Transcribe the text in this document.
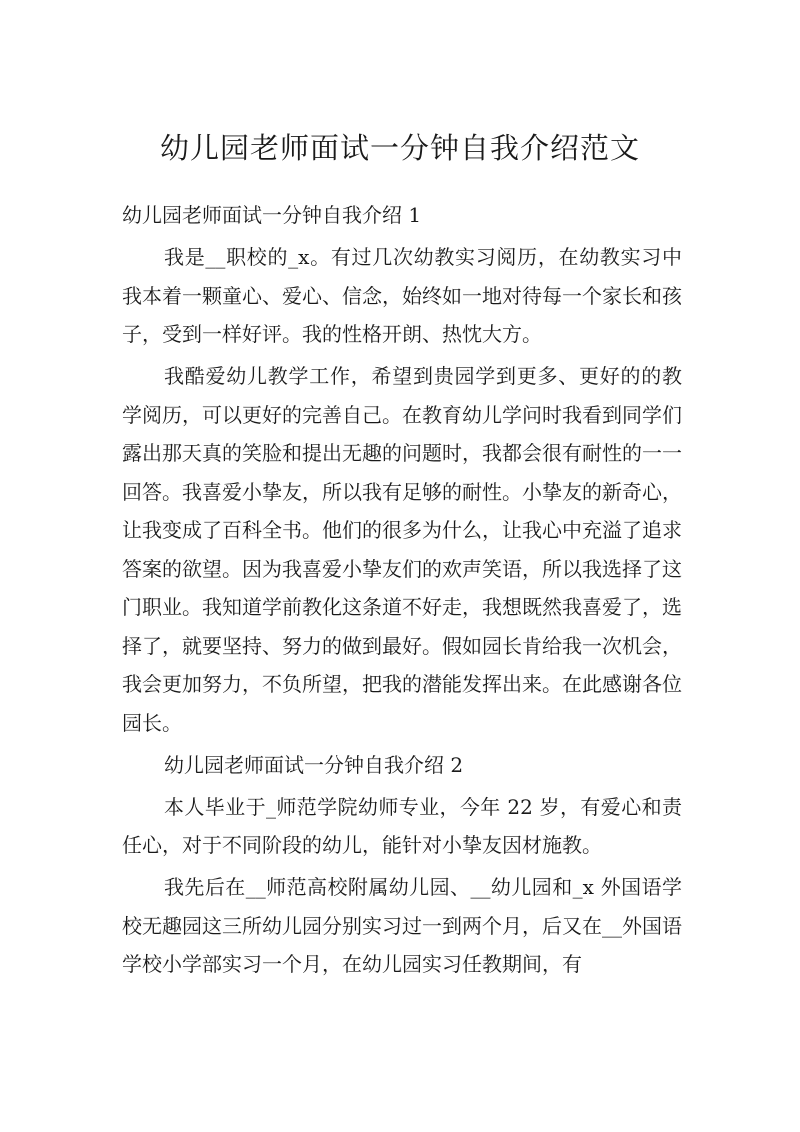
幼儿园老师面试一分钟自我介绍范文

幼儿园老师面试一分钟自我介绍 1

我是__职校的_x。有过几次幼教实习阅历，在幼教实习中我本着一颗童心、爱心、信念，始终如一地对待每一个家长和孩子，受到一样好评。我的性格开朗、热忱大方。

我酷爱幼儿教学工作，希望到贵园学到更多、更好的的教学阅历，可以更好的完善自己。在教育幼儿学问时我看到同学们露出那天真的笑脸和提出无趣的问题时，我都会很有耐性的一一回答。我喜爱小挚友，所以我有足够的耐性。小挚友的新奇心，让我变成了百科全书。他们的很多为什么，让我心中充溢了追求答案的欲望。因为我喜爱小挚友们的欢声笑语，所以我选择了这门职业。我知道学前教化这条道不好走，我想既然我喜爱了，选择了，就要坚持、努力的做到最好。假如园长肯给我一次机会，我会更加努力，不负所望，把我的潜能发挥出来。在此感谢各位园长。

幼儿园老师面试一分钟自我介绍 2

本人毕业于_师范学院幼师专业，今年 22 岁，有爱心和责任心，对于不同阶段的幼儿，能针对小挚友因材施教。

我先后在__师范高校附属幼儿园、__幼儿园和_x 外国语学校无趣园这三所幼儿园分别实习过一到两个月，后又在__外国语学校小学部实习一个月，在幼儿园实习任教期间，有
